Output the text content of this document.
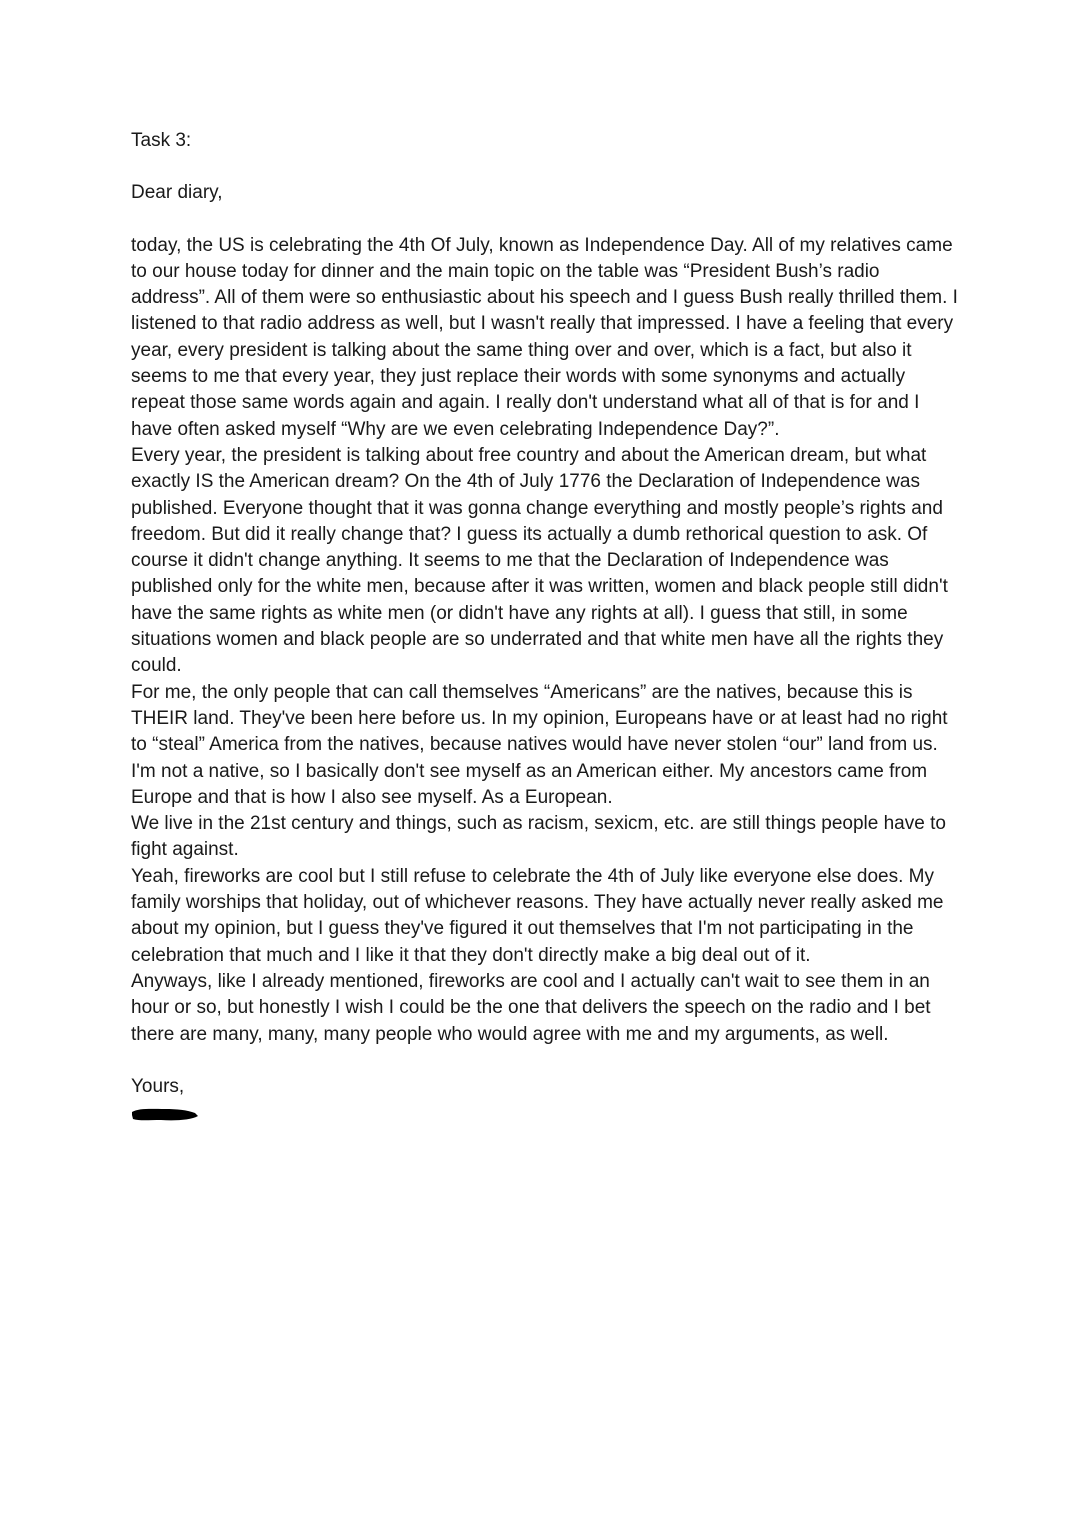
Task 3:

Dear diary,

today, the US is celebrating the 4th Of July, known as Independence Day. All of my relatives came to our house today for dinner and the main topic on the table was “President Bush’s radio address”. All of them were so enthusiastic about his speech and I guess Bush really thrilled them. I listened to that radio address as well, but I wasn't really that impressed. I have a feeling that every year, every president is talking about the same thing over and over, which is a fact, but also it seems to me that every year, they just replace their words with some synonyms and actually repeat those same words again and again. I really don't understand what all of that is for and I have often asked myself “Why are we even celebrating Independence Day?”.

Every year, the president is talking about free country and about the American dream, but what exactly IS the American dream? On the 4th of July 1776 the Declaration of Independence was published. Everyone thought that it was gonna change everything and mostly people’s rights and freedom. But did it really change that? I guess its actually a dumb rethorical question to ask. Of course it didn't change anything. It seems to me that the Declaration of Independence was published only for the white men, because after it was written, women and black people still didn't have the same rights as white men (or didn't have any rights at all). I guess that still, in some situations women and black people are so underrated and that white men have all the rights they could.

For me, the only people that can call themselves “Americans” are the natives, because this is THEIR land. They've been here before us. In my opinion, Europeans have or at least had no right to “steal” America from the natives, because natives would have never stolen “our” land from us. I'm not a native, so I basically don't see myself as an American either. My ancestors came from Europe and that is how I also see myself. As a European.

We live in the 21st century and things, such as racism, sexicm, etc. are still things people have to fight against.

Yeah, fireworks are cool but I still refuse to celebrate the 4th of July like everyone else does. My family worships that holiday, out of whichever reasons. They have actually never really asked me about my opinion, but I guess they've figured it out themselves that I'm not participating in the celebration that much and I like it that they don't directly make a big deal out of it.

Anyways, like I already mentioned, fireworks are cool and I actually can't wait to see them in an hour or so, but honestly I wish I could be the one that delivers the speech on the radio and I bet there are many, many, many people who would agree with me and my arguments, as well.

Yours,
